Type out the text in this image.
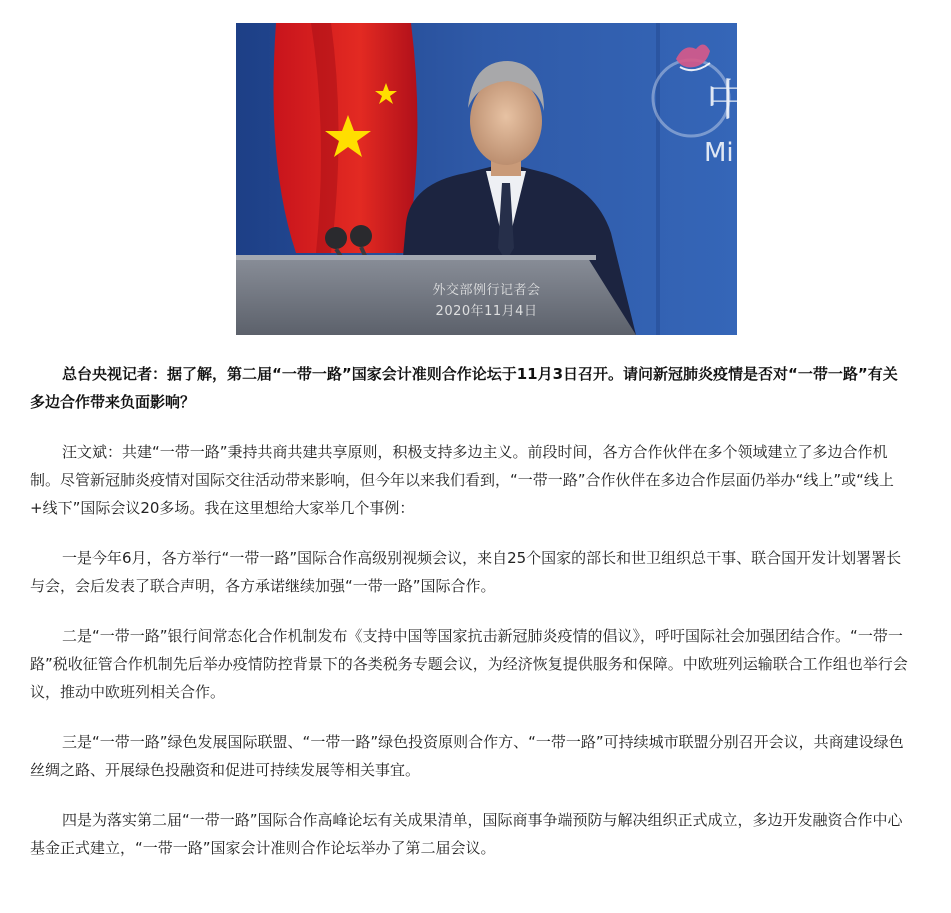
中
Mi
外交部例行记者会
2020年11月4日

总台央视记者：据了解，第二届“一带一路”国家会计准则合作论坛于11月3日召开。请问新冠肺炎疫情是否对“一带一路”有关多边合作带来负面影响？

汪文斌：共建“一带一路”秉持共商共建共享原则，积极支持多边主义。前段时间，各方合作伙伴在多个领域建立了多边合作机制。尽管新冠肺炎疫情对国际交往活动带来影响，但今年以来我们看到，“一带一路”合作伙伴在多边合作层面仍举办“线上”或“线上+线下”国际会议20多场。我在这里想给大家举几个事例：

一是今年6月，各方举行“一带一路”国际合作高级别视频会议，来自25个国家的部长和世卫组织总干事、联合国开发计划署署长与会，会后发表了联合声明，各方承诺继续加强“一带一路”国际合作。

二是“一带一路”银行间常态化合作机制发布《支持中国等国家抗击新冠肺炎疫情的倡议》，呼吁国际社会加强团结合作。“一带一路”税收征管合作机制先后举办疫情防控背景下的各类税务专题会议，为经济恢复提供服务和保障。中欧班列运输联合工作组也举行会议，推动中欧班列相关合作。

三是“一带一路”绿色发展国际联盟、“一带一路”绿色投资原则合作方、“一带一路”可持续城市联盟分别召开会议，共商建设绿色丝绸之路、开展绿色投融资和促进可持续发展等相关事宜。

四是为落实第二届“一带一路”国际合作高峰论坛有关成果清单，国际商事争端预防与解决组织正式成立，多边开发融资合作中心基金正式建立，“一带一路”国家会计准则合作论坛举办了第二届会议。
